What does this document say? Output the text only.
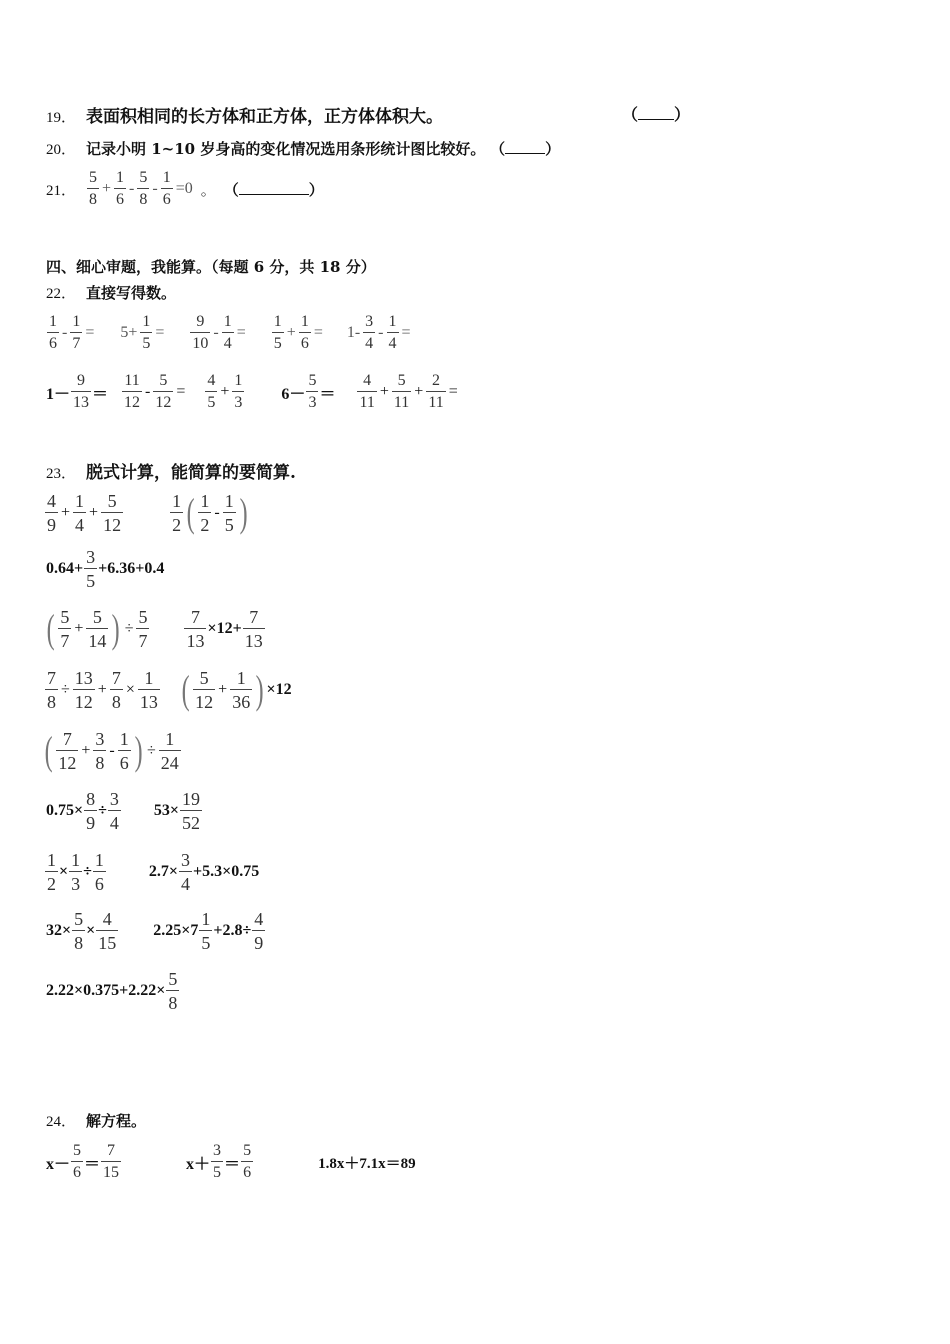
19． 表面积相同的长方体和正方体，正方体体积大。	（ ）
20． 记录小明 1~10 岁身高的变化情况选用条形统计图比较好。 （	）
21． $\frac{5}{8} + \frac{1}{6} - \frac{5}{8} - \frac{1}{6} =0$ 。 （	）
四、细心审题，我能算。（每题 6 分，共 18 分）
22． 直接写得数。
$\frac{1}{6} - \frac{1}{7} = 5+ \frac{1}{5} = \frac{9}{10} - \frac{1}{4} = \frac{1}{5} + \frac{1}{6} = 1- \frac{3}{4} - \frac{1}{4}$ =
$1- \frac{9}{13} = \frac{11}{12} - \frac{5}{12} = \frac{4}{5} + \frac{1}{3} 6- \frac{5}{3} = \frac{4}{11} + \frac{5}{11} + \frac{2}{11}$ =
23． 脱式计算，能简算的要简算.
$\frac{4}{9} + \frac{1}{4} + \frac{5}{12}$	$\frac{1}{2}$ ( $\frac{1}{2} - \frac{1}{5}$ )
$0.64+ \frac{3}{5} +6.36+0.4$
( $\frac{5}{7} + \frac{5}{14}$ ) ÷ $\frac{5}{7} \frac{7}{13} \times 12+ \frac{7}{13}$
$\frac{7}{8} \div \frac{13}{12} + \frac{7}{8} \times \frac{1}{13}$ ( $\frac{5}{12} + \frac{1}{36}$ ) ×12
( $\frac{7}{12} + \frac{3}{8} - \frac{1}{6}$ ) ÷ $\frac{1}{24}$
$0.75\times \frac{8}{9} \div \frac{3}{4} 53\times \frac{19}{52}$
$\frac{1}{2} \times \frac{1}{3} \div \frac{1}{6}$	$2.7\times \frac{3}{4} +5.3\times 0.75$
$32\times \frac{5}{8} \times \frac{4}{15} 2.25\times 7 \frac{1}{5} +2.8\div \frac{4}{9}$
$2.22\times 0.375+2.22\times \frac{5}{8}$
24． 解方程。
$x- \frac{5}{6} = \frac{7}{15}$	$x+ \frac{3}{5} = \frac{5}{6}$	1.8x＋7.1x＝89
